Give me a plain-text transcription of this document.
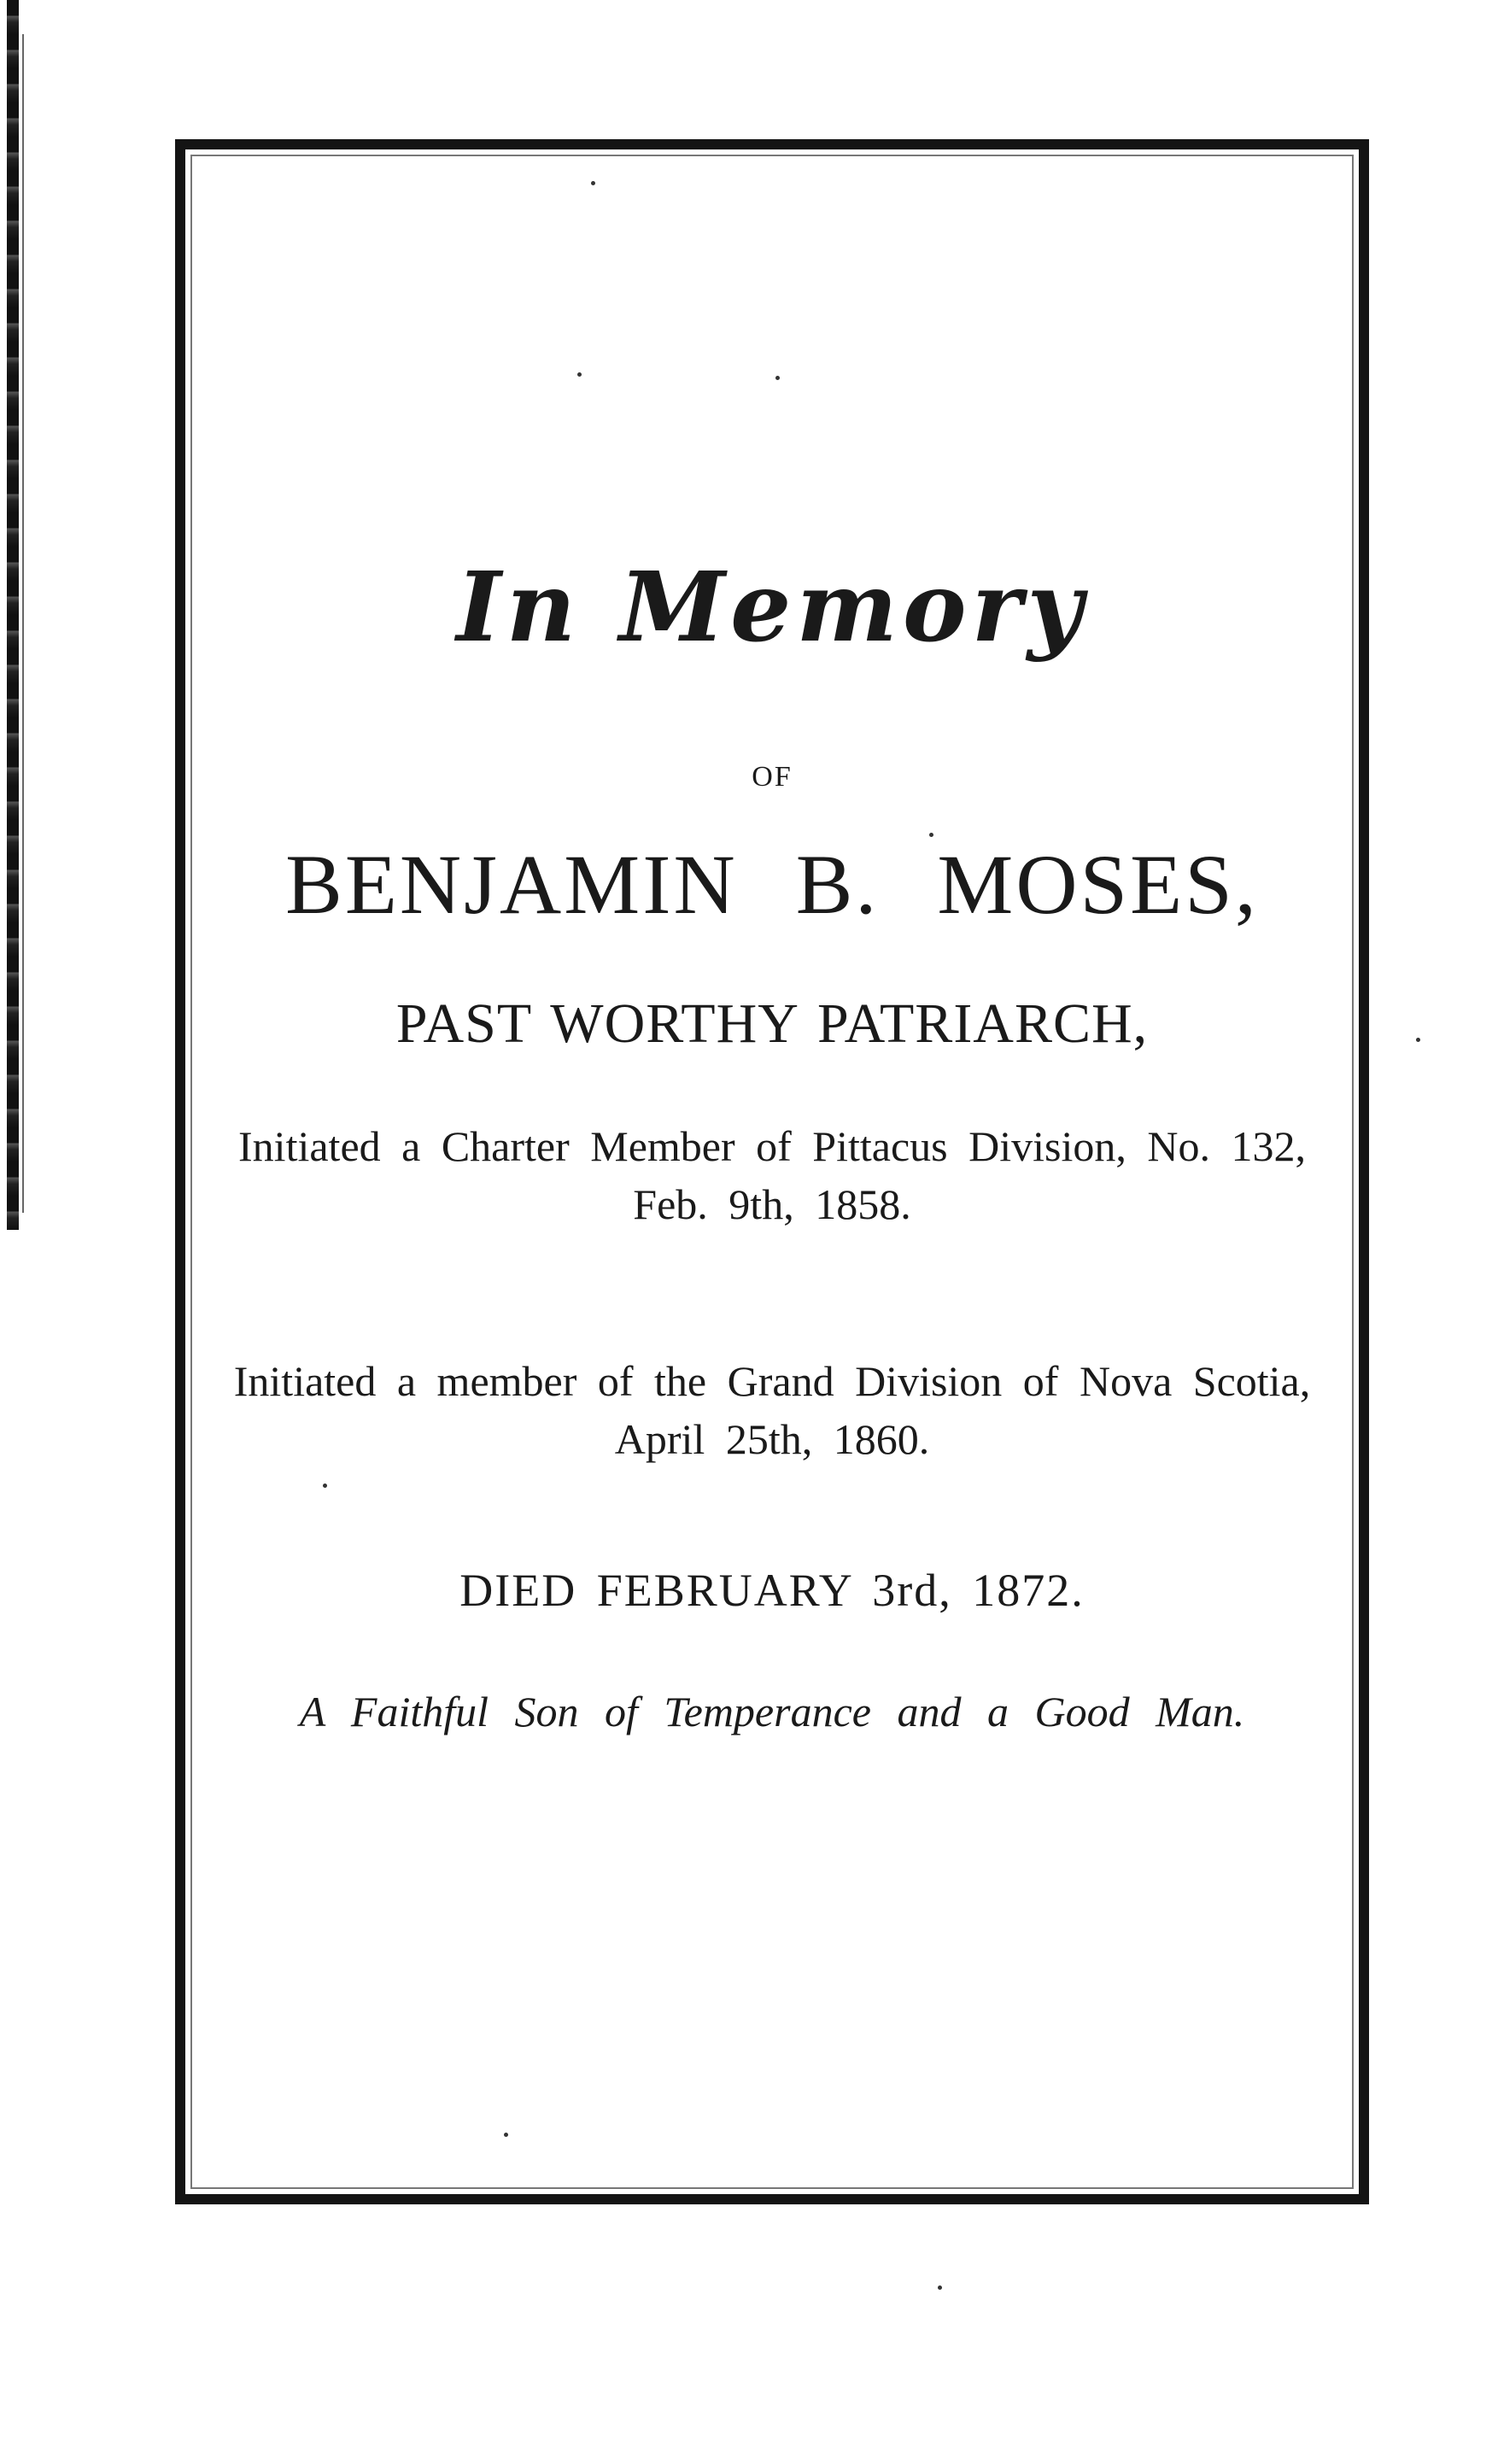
In Memory
OF
BENJAMIN B. MOSES,
PAST WORTHY PATRIARCH,
Initiated a Charter Member of Pittacus Division, No. 132,
Feb. 9th, 1858.
Initiated a member of the Grand Division of Nova Scotia,
April 25th, 1860.
DIED FEBRUARY 3rd, 1872.
A Faithful Son of Temperance and a Good Man.
